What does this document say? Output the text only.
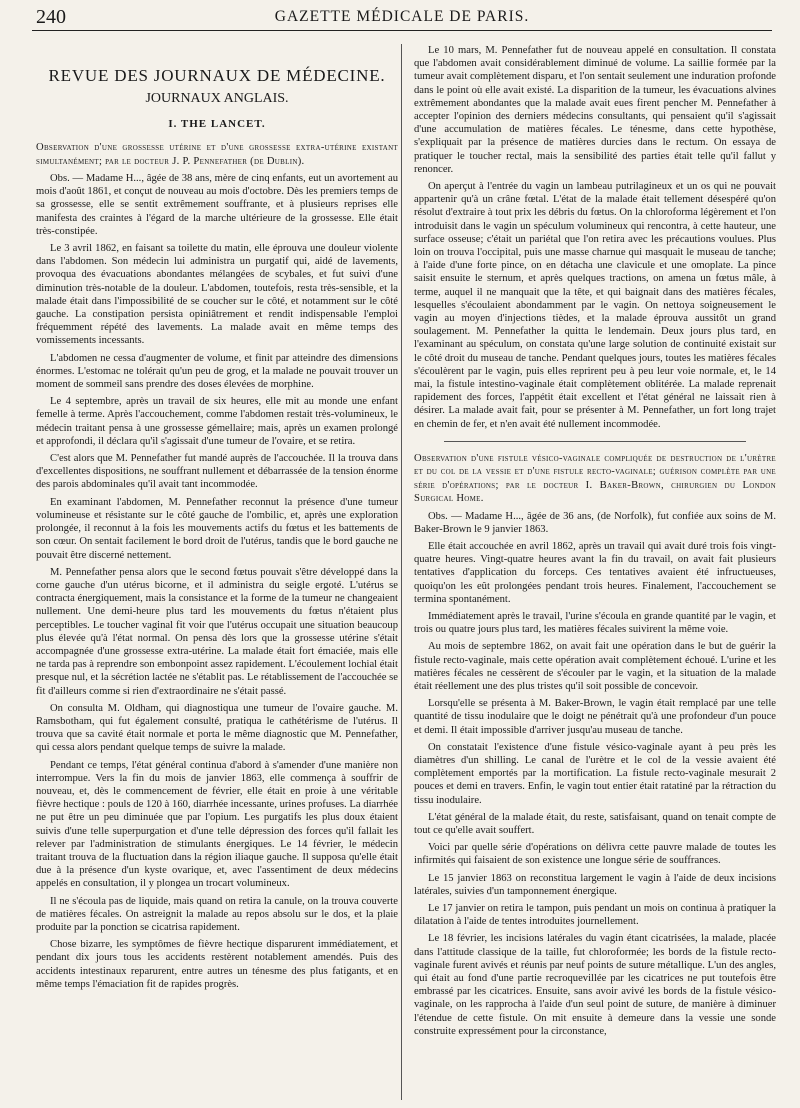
240	GAZETTE MÉDICALE DE PARIS.
REVUE DES JOURNAUX DE MÉDECINE.
JOURNAUX ANGLAIS.
I. THE LANCET.

Observation d'une grossesse utérine et d'une grossesse extra-utérine existant simultanément; par le docteur J. P. Pennefather (de Dublin).

Obs. — Madame H..., âgée de 38 ans, mère de cinq enfants, eut un avortement au mois d'août 1861, et conçut de nouveau au mois d'octobre. Dès les premiers temps de sa grossesse, elle se sentit extrêmement souffrante, et à plusieurs reprises elle manifesta des craintes à l'égard de la marche ultérieure de la grossesse. Elle était très-constipée.

Le 3 avril 1862, en faisant sa toilette du matin, elle éprouva une douleur violente dans l'abdomen. Son médecin lui administra un purgatif qui, aidé de lavements, provoqua des évacuations abondantes mélangées de scybales, et fut suivi d'une diminution très-notable de la douleur. L'abdomen, toutefois, resta très-sensible, et la malade était dans l'impossibilité de se coucher sur le côté, et notamment sur le côté gauche. La constipation persista opiniâtrement et rendit indispensable l'emploi fréquemment répété des lavements. La malade avait en même temps des vomissements incessants.

L'abdomen ne cessa d'augmenter de volume, et finit par atteindre des dimensions énormes. L'estomac ne tolérait qu'un peu de grog, et la malade ne pouvait trouver un moment de sommeil sans prendre des doses élevées de morphine.

Le 4 septembre, après un travail de six heures, elle mit au monde une enfant femelle à terme. Après l'accouchement, comme l'abdomen restait très-volumineux, le médecin traitant pensa à une grossesse gémellaire; mais, après un examen prolongé et approfondi, il déclara qu'il s'agissait d'une tumeur de l'ovaire, et se retira.

C'est alors que M. Pennefather fut mandé auprès de l'accouchée. Il la trouva dans d'excellentes dispositions, ne souffrant nullement et débarrassée de la tension énorme des parois abdominales qu'il avait tant incommodée.

En examinant l'abdomen, M. Pennefather reconnut la présence d'une tumeur volumineuse et résistante sur le côté gauche de l'ombilic, et, après une exploration prolongée, il reconnut à la fois les mouvements actifs du fœtus et les battements de son cœur. On sentait facilement le bord droit de l'utérus, tandis que le bord gauche ne pouvait être discerné nettement.

M. Pennefather pensa alors que le second fœtus pouvait s'être développé dans la corne gauche d'un utérus bicorne, et il administra du seigle ergoté. L'utérus se contracta énergiquement, mais la consistance et la forme de la tumeur ne changeaient nullement. Une demi-heure plus tard les mouvements du fœtus n'étaient plus perceptibles. Le toucher vaginal fit voir que l'utérus occupait une situation beaucoup plus élevée qu'à l'état normal. On pensa dès lors que la grossesse utérine s'était accompagnée d'une grossesse extra-utérine. La malade était fort émaciée, mais elle ne tarda pas à reprendre son embonpoint assez rapidement. L'écoulement lochial était presque nul, et la sécrétion lactée ne s'établit pas. Le rétablissement de l'accouchée se fit d'ailleurs comme si rien d'extraordinaire ne s'était passé.

On consulta M. Oldham, qui diagnostiqua une tumeur de l'ovaire gauche. M. Ramsbotham, qui fut également consulté, pratiqua le cathétérisme de l'utérus. Il trouva que sa cavité était normale et porta le même diagnostic que M. Pennefather, qui cessa alors pendant quelque temps de suivre la malade.

Pendant ce temps, l'état général continua d'abord à s'amender d'une manière non interrompue. Vers la fin du mois de janvier 1863, elle commença à souffrir de nouveau, et, dès le commencement de février, elle était en proie à une véritable fièvre hectique : pouls de 120 à 160, diarrhée incessante, urines profuses. La diarrhée ne put être un peu diminuée que par l'opium. Les purgatifs les plus doux étaient suivis d'une telle superpurgation et d'une telle dépression des forces qu'il fallait les relever par l'administration de stimulants énergiques. Le 14 février, le médecin traitant trouva de la fluctuation dans la région iliaque gauche. Il supposa qu'elle était due à la présence d'un kyste ovarique, et, avec l'assentiment de deux médecins appelés en consultation, il y plongea un trocart volumineux.

Il ne s'écoula pas de liquide, mais quand on retira la canule, on la trouva couverte de matières fécales. On astreignit la malade au repos absolu sur le dos, et la plaie produite par la ponction se cicatrisa rapidement.

Chose bizarre, les symptômes de fièvre hectique disparurent immédiatement, et pendant dix jours tous les accidents restèrent notablement amendés. Puis des accidents intestinaux reparurent, entre autres un ténesme des plus fatigants, et en même temps l'émaciation fit de rapides progrès.

Le 10 mars, M. Pennefather fut de nouveau appelé en consultation. Il constata que l'abdomen avait considérablement diminué de volume. La saillie formée par la tumeur avait complètement disparu, et l'on sentait seulement une induration profonde dans le point où elle avait existé. La disparition de la tumeur, les évacuations alvines extrêmement abondantes que la malade avait eues firent pencher M. Pennefather à accepter l'opinion des derniers médecins consultants, qui pensaient qu'il s'agissait d'une accumulation de matières fécales. Le ténesme, dans cette hypothèse, s'expliquait par la présence de matières durcies dans le rectum. On essaya de pratiquer le toucher rectal, mais la sensibilité des parties était telle qu'il fallut y renoncer.

On aperçut à l'entrée du vagin un lambeau putrilagineux et un os qui ne pouvait appartenir qu'à un crâne fœtal. L'état de la malade était tellement désespéré qu'on résolut d'extraire à tout prix les débris du fœtus. On la chloroforma légèrement et l'on introduisit dans le vagin un spéculum volumineux qui rencontra, à cette hauteur, une surface osseuse; c'était un pariétal que l'on retira avec les précautions voulues. Plus loin on trouva l'occipital, puis une masse charnue qui masquait le museau de tanche; à l'aide d'une forte pince, on en détacha une clavicule et une omoplate. La pince saisit ensuite le sternum, et après quelques tractions, on amena un fœtus mâle, à terme, auquel il ne manquait que la tête, et qui baignait dans des matières fécales, lesquelles s'écoulaient abondamment par le vagin. On nettoya soigneusement le vagin au moyen d'injections tièdes, et la malade éprouva aussitôt un grand soulagement. M. Pennefather la quitta le lendemain. Deux jours plus tard, en l'examinant au spéculum, on constata qu'une large solution de continuité existait sur le côté droit du museau de tanche. Pendant quelques jours, toutes les matières fécales s'écoulèrent par le vagin, puis elles reprirent peu à peu leur voie normale, et, le 14 mai, la fistule intestino-vaginale était complètement oblitérée. La malade reprenait rapidement des forces, l'appétit était excellent et l'état général ne laissait rien à désirer. La malade avait fait, pour se présenter à M. Pennefather, un fort long trajet en chemin de fer, et n'en avait été nullement incommodée.

Observation d'une fistule vésico-vaginale compliquée de destruction de l'urètre et du col de la vessie et d'une fistule recto-vaginale; guérison complète par une série d'opérations; par le docteur I. Baker-Brown, chirurgien du London Surgical Home.

Obs. — Madame H..., âgée de 36 ans, (de Norfolk), fut confiée aux soins de M. Baker-Brown le 9 janvier 1863.

Elle était accouchée en avril 1862, après un travail qui avait duré trois fois vingt-quatre heures. Vingt-quatre heures avant la fin du travail, on avait fait plusieurs tentatives d'application du forceps. Ces tentatives avaient été infructueuses, quoiqu'on les eût prolongées pendant trois heures. Finalement, l'accouchement se termina spontanément.

Immédiatement après le travail, l'urine s'écoula en grande quantité par le vagin, et trois ou quatre jours plus tard, les matières fécales suivirent la même voie.

Au mois de septembre 1862, on avait fait une opération dans le but de guérir la fistule recto-vaginale, mais cette opération avait complètement échoué. L'urine et les matières fécales ne cessèrent de s'écouler par le vagin, et la situation de la malade était réellement une des plus tristes qu'il soit possible de concevoir.

Lorsqu'elle se présenta à M. Baker-Brown, le vagin était remplacé par une telle quantité de tissu inodulaire que le doigt ne pénétrait qu'à une profondeur d'un pouce et demi. Il était impossible d'arriver jusqu'au museau de tanche.

On constatait l'existence d'une fistule vésico-vaginale ayant à peu près les diamètres d'un shilling. Le canal de l'urètre et le col de la vessie avaient été complètement emportés par la mortification. La fistule recto-vaginale mesurait 2 pouces et demi en travers. Enfin, le vagin tout entier était ratatiné par la rétraction du tissu inodulaire.

L'état général de la malade était, du reste, satisfaisant, quand on tenait compte de tout ce qu'elle avait souffert.

Voici par quelle série d'opérations on délivra cette pauvre malade de toutes les infirmités qui faisaient de son existence une longue série de souffrances.

Le 15 janvier 1863 on reconstitua largement le vagin à l'aide de deux incisions latérales, suivies d'un tamponnement énergique.

Le 17 janvier on retira le tampon, puis pendant un mois on continua à pratiquer la dilatation à l'aide de tentes introduites journellement.

Le 18 février, les incisions latérales du vagin étant cicatrisées, la malade, placée dans l'attitude classique de la taille, fut chloroformée; les bords de la fistule recto-vaginale furent avivés et réunis par neuf points de suture métallique. L'un des angles, qui était au fond d'une partie recroquevillée par les cicatrices ne put toutefois être embrassé par les cicatrices. Ensuite, sans avoir avivé les bords de la fistule vésico-vaginale, on les rapprocha à l'aide d'un seul point de suture, de manière à diminuer l'étendue de cette fistule. On mit ensuite à demeure dans la vessie une sonde construite expressément pour la circonstance,
